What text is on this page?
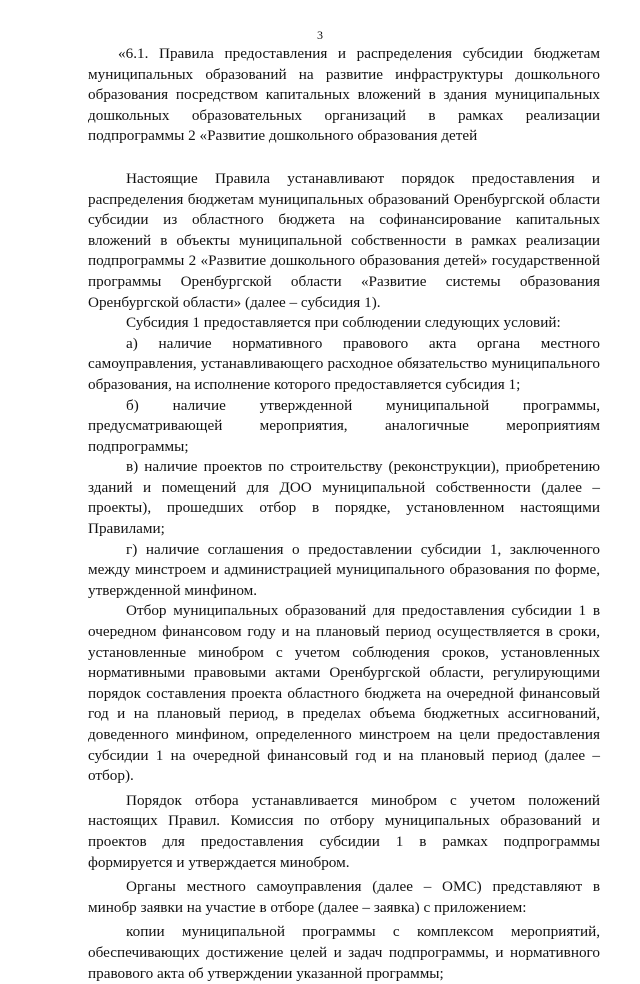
3

«6.1. Правила предоставления и распределения субсидии бюджетам муниципальных образований на развитие инфраструктуры дошкольного образования посредством капитальных вложений в здания муниципальных дошкольных образовательных организаций в рамках реализации подпрограммы 2 «Развитие дошкольного образования детей

Настоящие Правила устанавливают порядок предоставления и распределения бюджетам муниципальных образований Оренбургской области субсидии из областного бюджета на софинансирование капитальных вложений в объекты муниципальной собственности в рамках реализации подпрограммы 2 «Развитие дошкольного образования детей» государственной программы Оренбургской области «Развитие системы образования Оренбургской области» (далее – субсидия 1).

Субсидия 1 предоставляется при соблюдении следующих условий:

а) наличие нормативного правового акта органа местного самоуправления, устанавливающего расходное обязательство муниципального образования, на исполнение которого предоставляется субсидия 1;

б) наличие утвержденной муниципальной программы, предусматривающей мероприятия, аналогичные мероприятиям подпрограммы;

в) наличие проектов по строительству (реконструкции), приобретению зданий и помещений для ДОО муниципальной собственности (далее – проекты), прошедших отбор в порядке, установленном настоящими Правилами;

г) наличие соглашения о предоставлении субсидии 1, заключенного между минстроем и администрацией муниципального образования по форме, утвержденной минфином.

Отбор муниципальных образований для предоставления субсидии 1 в очередном финансовом году и на плановый период осуществляется в сроки, установленные минобром с учетом соблюдения сроков, установленных нормативными правовыми актами Оренбургской области, регулирующими порядок составления проекта областного бюджета на очередной финансовый год и на плановый период, в пределах объема бюджетных ассигнований, доведенного минфином, определенного минстроем на цели предоставления субсидии 1 на очередной финансовый год и на плановый период (далее – отбор).

Порядок отбора устанавливается минобром с учетом положений настоящих Правил. Комиссия по отбору муниципальных образований и проектов для предоставления субсидии 1 в рамках подпрограммы формируется и утверждается минобром.

Органы местного самоуправления (далее – ОМС) представляют в минобр заявки на участие в отборе (далее – заявка) с приложением:

копии муниципальной программы с комплексом мероприятий, обеспечивающих достижение целей и задач подпрограммы, и нормативного правового акта об утверждении указанной программы;
